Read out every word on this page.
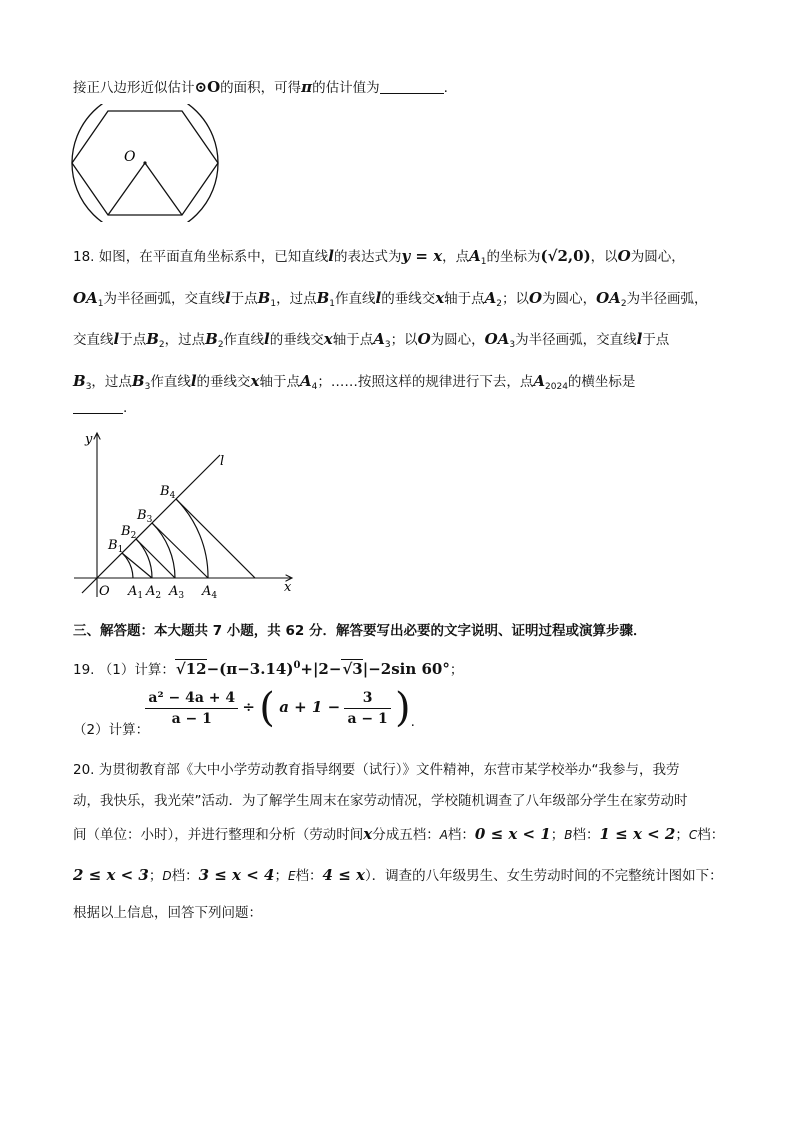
接正八边形近似估计⊙O的面积，可得π的估计值为	.
O
18. 如图，在平面直角坐标系中，已知直线l的表达式为y = x，点$A_1$的坐标为(√2,0)，以O为圆心，
$OA_1$为半径画弧，交直线l于点$B_1$，过点$B_1$作直线l的垂线交x轴于点$A_2$；以O为圆心，$OA_2$为半径画弧，
交直线l于点$B_2$，过点$B_2$作直线l的垂线交x轴于点$A_3$；以O为圆心，$OA_3$为半径画弧，交直线l于点
$B_3$，过点$B_3$作直线l的垂线交x轴于点$A_4$；……按照这样的规律进行下去，点$A_{2024}$的横坐标是
.
y
x
l
O
$B_1$
$B_2$
$B_3$
$B_4$
$A_1$ $A_2$ $A_3$ $A_4$
三、解答题：本大题共 7 小题，共 62 分．解答要写出必要的文字说明、证明过程或演算步骤．
19. （1）计算：$√12-(\pi-3.14)^0+|2-√3|-2\sin$ 60°；
（2）计算：
$\frac{\text{a² − 4a + 4}}{a - 1}$ ÷ ( $a + 1 - \frac{3}{a - 1}$ ).
20. 为贯彻教育部《大中小学劳动教育指导纲要（试行）》文件精神，东营市某学校举办“我参与，我劳
动，我快乐，我光荣”活动．为了解学生周末在家劳动情况，学校随机调查了八年级部分学生在家劳动时
间（单位：小时），并进行整理和分析（劳动时间x分成五档：A档：0 ≤ x < 1；B档：1 ≤ x < 2；C档：
2 ≤ x < 3；D档：3 ≤ x < 4；E档：4 ≤ x）．调查的八年级男生、女生劳动时间的不完整统计图如下：
根据以上信息，回答下列问题：
